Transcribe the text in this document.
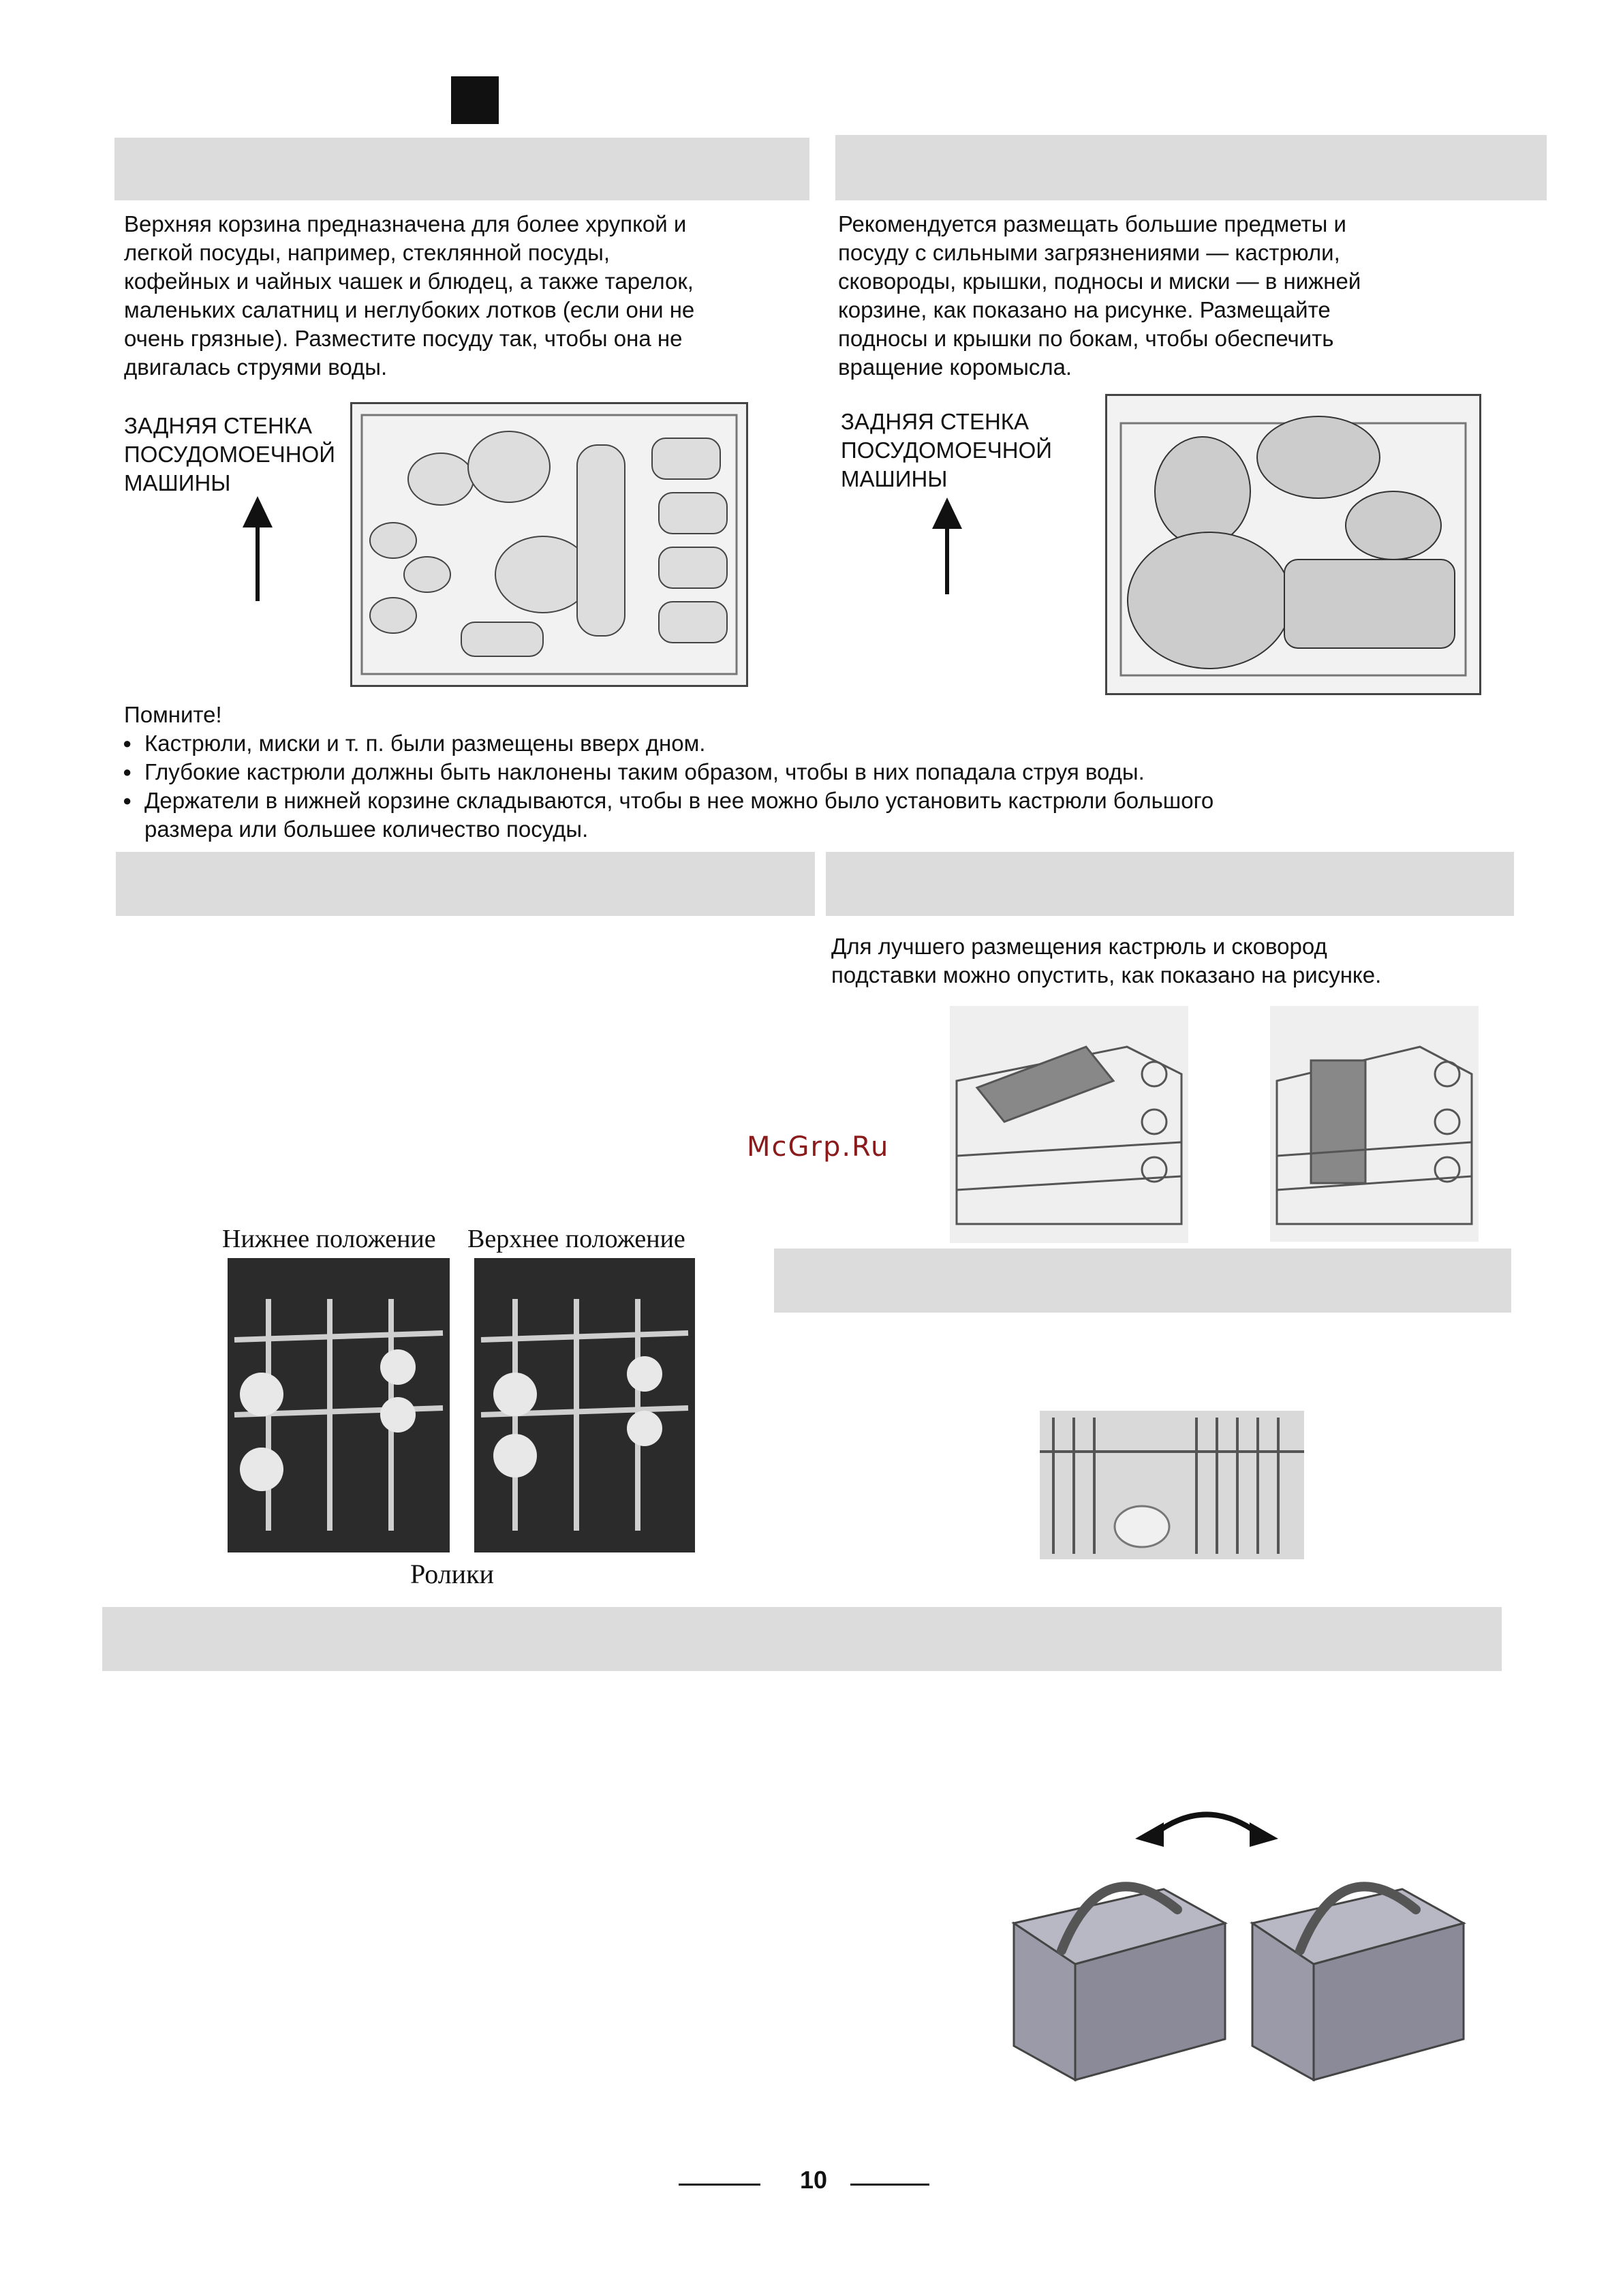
Верхняя корзина предназначена для более хрупкой и
легкой посуды, например, стеклянной посуды,
кофейных и чайных чашек и блюдец, а также тарелок,
маленьких салатниц и неглубоких лотков (если они не
очень грязные). Разместите посуду так, чтобы она не
двигалась струями воды.
Рекомендуется размещать большие предметы и
посуду с сильными загрязнениями — кастрюли,
сковороды, крышки, подносы и миски — в нижней
корзине, как показано на рисунке. Размещайте
подносы и крышки по бокам, чтобы обеспечить
вращение коромысла.
ЗАДНЯЯ СТЕНКА
ПОСУДОМОЕЧНОЙ
МАШИНЫ
ЗАДНЯЯ СТЕНКА
ПОСУДОМОЕЧНОЙ
МАШИНЫ
Помните!
● Кастрюли, миски и т. п. были размещены вверх дном.
● Глубокие кастрюли должны быть наклонены таким образом, чтобы в них попадала струя воды.
● Держатели в нижней корзине складываются, чтобы в нее можно было установить кастрюли большого
размера или большее количество посуды.
Для лучшего размещения кастрюль и сковород
подставки можно опустить, как показано на рисунке.
McGrp.Ru
Нижнее положение Верхнее положение
Ролики
10
